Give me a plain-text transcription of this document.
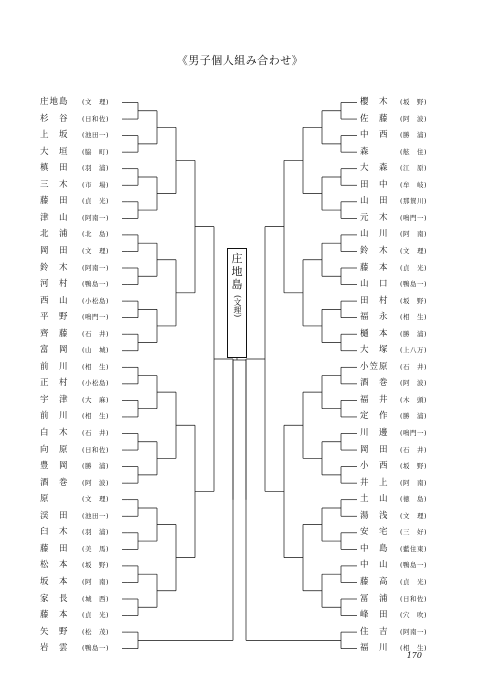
《男子個人組み合わせ》
庄地島 (文　理)
杉　谷 (日和佐)
上　坂 (池田一)
大　垣 (脇　町)
槙　田 (羽　浦)
三　木 (市　場)
藤　田 (貞　光)
津　山 (阿南一)
北　浦 (北　島)
岡　田 (文　理)
鈴　木 (阿南一)
河　村 (鴨島一)
西　山 (小松島)
平　野 (鳴門一)
齊　藤 (石　井)
富　岡 (山　城)
前　川 (相　生)
正　村 (小松島)
宇　津 (大　麻)
前　川 (相　生)
白　木 (石　井)
向　原 (日和佐)
豊　岡 (勝　浦)
酒　巻 (阿　波)
原	(文　理)
渓　田 (池田一)
臼　木 (羽　浦)
藤　田 (美　馬)
松　本 (坂　野)
坂　本 (阿　南)
家　長 (城　西)
藤　本 (貞　光)
矢　野 (松　茂)
岩　雲 (鴨島一)
櫻　木 (坂　野)
佐　藤 (阿　波)
中　西 (勝　浦)
森	(舷　住)
大　森 (江　原)
田　中 (牟　岐)
山　田 (那賀川)
元　木 (鳴門一)
山　川 (阿　南)
鈴　木 (文　理)
藤　本 (貞　光)
山　口 (鴨島一)
田　村 (坂　野)
福　永 (相　生)
樋　本 (勝　浦)
大　塚 (上八万)
小笠原 (石　井)
酒　巻 (阿　波)
福　井 (木　頭)
定　作 (勝　浦)
川　邊 (鳴門一)
岡　田 (石　井)
小　西 (坂　野)
井　上 (阿　南)
土　山 (徳　島)
湯　浅 (文　理)
安　宅 (三　好)
中　島 (藍住東)
中　山 (鴨島一)
藤　高 (貞　光)
冨　浦 (日和佐)
峰　田 (穴　吹)
住　吉 (阿南一)
福　川 (相　生)
庄
地
島
(文理)
170
